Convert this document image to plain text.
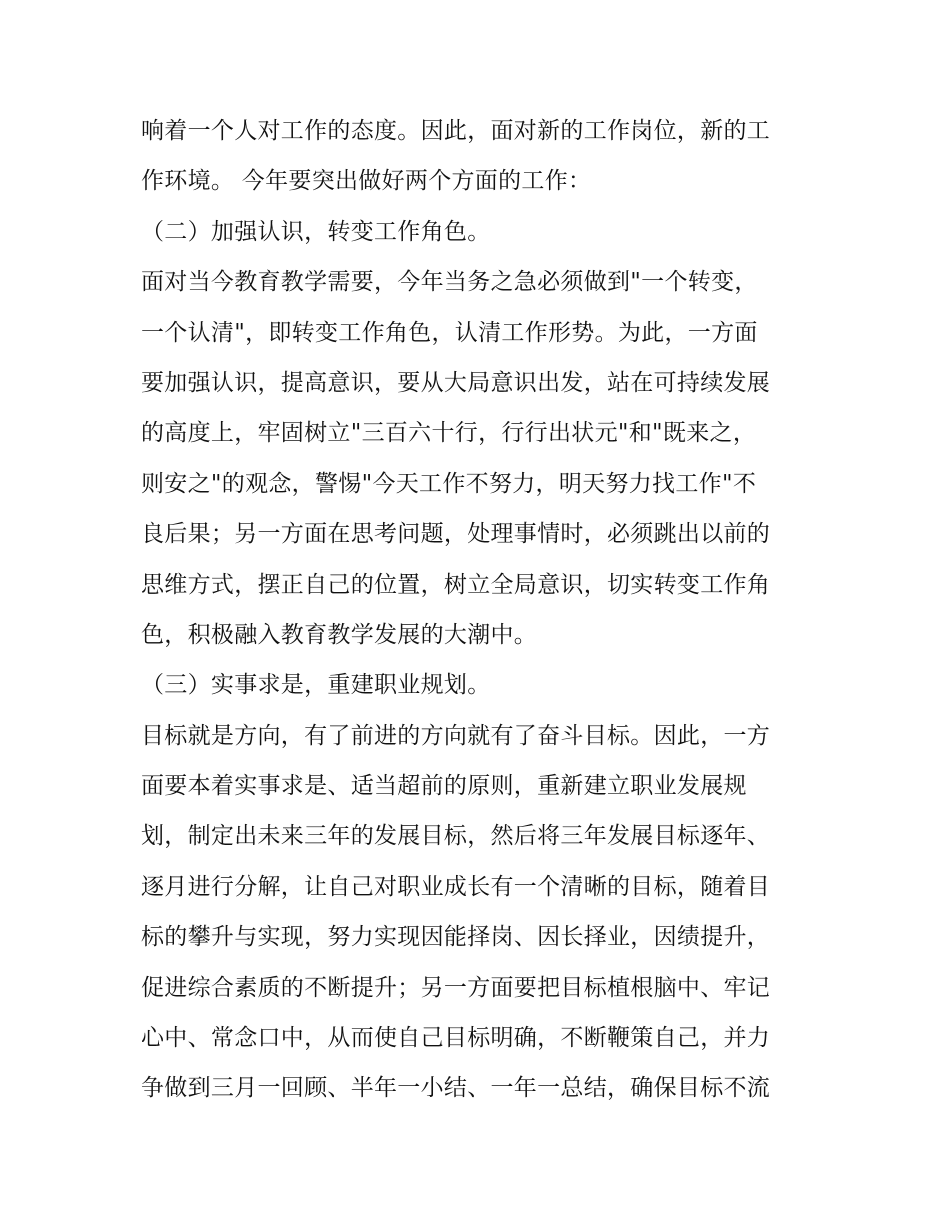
响着一个人对工作的态度。因此，面对新的工作岗位，新的工
作环境。 今年要突出做好两个方面的工作：
（二）加强认识，转变工作角色。
面对当今教育教学需要，今年当务之急必须做到"一个转变，
一个认清"，即转变工作角色，认清工作形势。为此，一方面
要加强认识，提高意识，要从大局意识出发，站在可持续发展
的高度上，牢固树立"三百六十行，行行出状元"和"既来之，
则安之"的观念，警惕"今天工作不努力，明天努力找工作"不
良后果；另一方面在思考问题，处理事情时，必须跳出以前的
思维方式，摆正自己的位置，树立全局意识，切实转变工作角
色，积极融入教育教学发展的大潮中。
（三）实事求是，重建职业规划。
目标就是方向，有了前进的方向就有了奋斗目标。因此，一方
面要本着实事求是、适当超前的原则，重新建立职业发展规
划，制定出未来三年的发展目标，然后将三年发展目标逐年、
逐月进行分解，让自己对职业成长有一个清晰的目标，随着目
标的攀升与实现，努力实现因能择岗、因长择业，因绩提升，
促进综合素质的不断提升；另一方面要把目标植根脑中、牢记
心中、常念口中，从而使自己目标明确，不断鞭策自己，并力
争做到三月一回顾、半年一小结、一年一总结，确保目标不流
